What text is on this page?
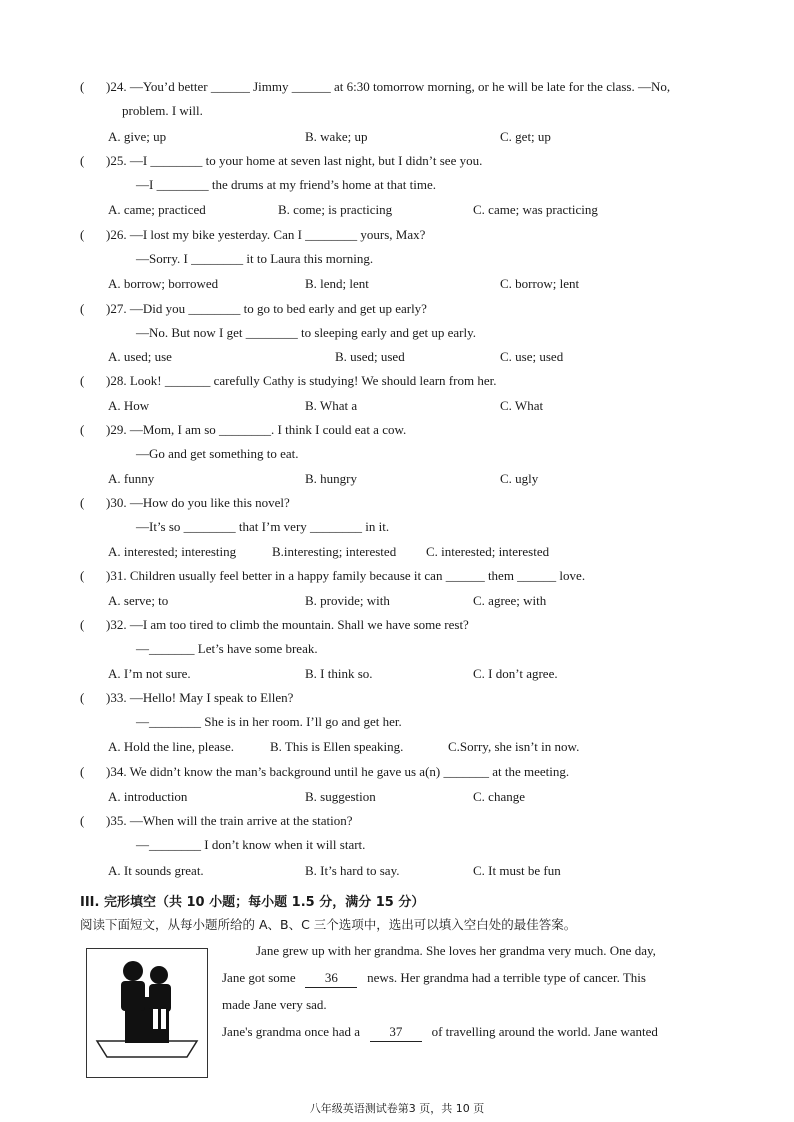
( )24. —You’d better ______ Jimmy ______ at 6:30 tomorrow morning, or he will be late for the class. —No,
problem. I will.
A. give; up	B. wake; up	C. get; up
( )25. —I ________ to your home at seven last night, but I didn’t see you.
—I ________ the drums at my friend’s home at that time.
A. came; practiced	B. come; is practicing	C. came; was practicing
( )26. —I lost my bike yesterday. Can I ________ yours, Max?
—Sorry. I ________ it to Laura this morning.
A. borrow; borrowed	B. lend; lent	C. borrow; lent
( )27. —Did you ________ to go to bed early and get up early?
—No. But now I get ________ to sleeping early and get up early.
A. used; use	B. used; used	C. use; used
( )28. Look! _______ carefully Cathy is studying! We should learn from her.
A. How	B. What a	C. What
( )29. —Mom, I am so ________. I think I could eat a cow.
—Go and get something to eat.
A. funny	B. hungry	C. ugly
( )30. —How do you like this novel?
—It’s so ________ that I’m very ________ in it.
A. interested; interesting	B.interesting; interested C. interested; interested
( )31. Children usually feel better in a happy family because it can ______ them ______ love.
A. serve; to	B. provide; with	C. agree; with
( )32. —I am too tired to climb the mountain. Shall we have some rest?
—_______ Let’s have some break.
A. I’m not sure.	B. I think so.	C. I don’t agree.
( )33. —Hello! May I speak to Ellen?
—________ She is in her room. I’ll go and get her.
A. Hold the line, please.	B. This is Ellen speaking.	C.Sorry, she isn’t in now.
( )34. We didn’t know the man’s background until he gave us a(n) _______ at the meeting.
A. introduction	B. suggestion	C. change
( )35. —When will the train arrive at the station?
—________ I don’t know when it will start.
A. It sounds great.	B. It’s hard to say.	C. It must be fun
III. 完形填空（共 10 小题；每小题 1.5 分，满分 15 分）
阅读下面短文，从每小题所给的 A、B、C 三个选项中，选出可以填入空白处的最佳答案。
Jane grew up with her grandma. She loves her grandma very much. One day,
Jane got some 36 news. Her grandma had a terrible type of cancer. This
made Jane very sad.
Jane's grandma once had a 37 of travelling around the world. Jane wanted
八年级英语测试卷第3 页，共 10 页
